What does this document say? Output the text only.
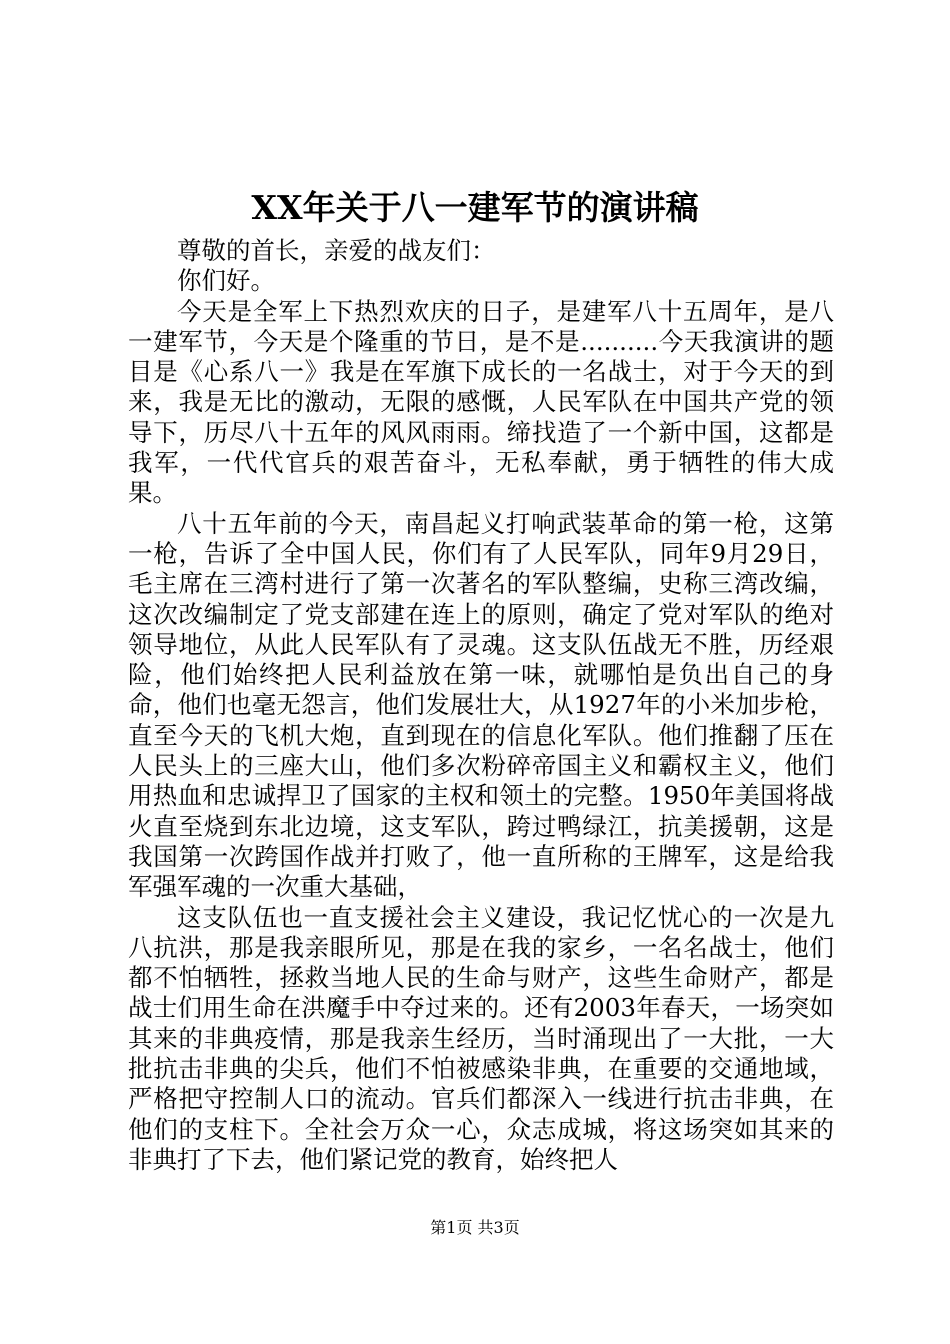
XX年关于八一建军节的演讲稿

尊敬的首长，亲爱的战友们：

你们好。

今天是全军上下热烈欢庆的日子，是建军八十五周年，是八一建军节，今天是个隆重的节日，是不是..........今天我演讲的题目是《心系八一》我是在军旗下成长的一名战士，对于今天的到来，我是无比的激动，无限的感慨，人民军队在中国共产党的领导下，历尽八十五年的风风雨雨。缔找造了一个新中国，这都是我军，一代代官兵的艰苦奋斗，无私奉献，勇于牺牲的伟大成果。

八十五年前的今天，南昌起义打响武装革命的第一枪，这第一枪，告诉了全中国人民，你们有了人民军队，同年9月29日，毛主席在三湾村进行了第一次著名的军队整编，史称三湾改编，这次改编制定了党支部建在连上的原则，确定了党对军队的绝对领导地位，从此人民军队有了灵魂。这支队伍战无不胜，历经艰险，他们始终把人民利益放在第一味，就哪怕是负出自己的身命，他们也毫无怨言，他们发展壮大，从1927年的小米加步枪，直至今天的飞机大炮，直到现在的信息化军队。他们推翻了压在人民头上的三座大山，他们多次粉碎帝国主义和霸权主义，他们用热血和忠诚捍卫了国家的主权和领土的完整。1950年美国将战火直至烧到东北边境，这支军队，跨过鸭绿江，抗美援朝，这是我国第一次跨国作战并打败了，他一直所称的王牌军，这是给我军强军魂的一次重大基础，

这支队伍也一直支援社会主义建设，我记忆忧心的一次是九八抗洪，那是我亲眼所见，那是在我的家乡，一名名战士，他们都不怕牺牲，拯救当地人民的生命与财产，这些生命财产，都是战士们用生命在洪魔手中夺过来的。还有2003年春天，一场突如其来的非典疫情，那是我亲生经历，当时涌现出了一大批，一大批抗击非典的尖兵，他们不怕被感染非典，在重要的交通地域，严格把守控制人口的流动。官兵们都深入一线进行抗击非典，在他们的支柱下。全社会万众一心，众志成城，将这场突如其来的非典打了下去，他们紧记党的教育，始终把人

第1页 共3页
